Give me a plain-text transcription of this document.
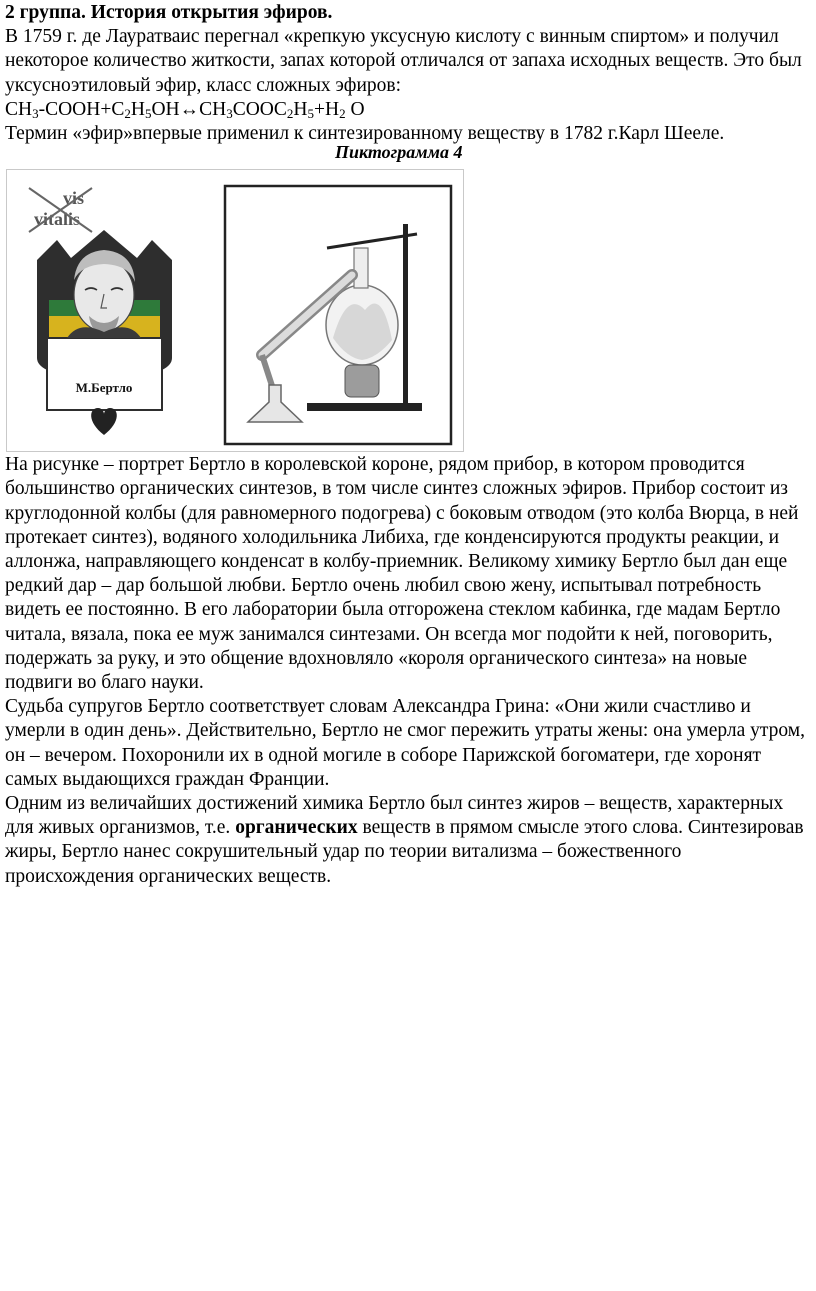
2 группа. История открытия эфиров.

В 1759 г. де Лауратваис перегнал «крепкую уксусную кислоту с винным спиртом» и получил некоторое количество житкости, запах которой отличался от запаха исходных веществ. Это был уксусноэтиловый эфир, класс сложных эфиров:

$CH_3-COOH+C_2H_5OH\leftrightarrow CH_3COOC_2H_5+H_2$ O

Термин «эфир»впервые применил к синтезированному веществу в 1782 г.Карл Шееле.

Пиктограмма 4

vis
vitalis
М.Бертло

На рисунке – портрет Бертло в королевской короне, рядом прибор, в котором проводится большинство органических синтезов, в том числе синтез сложных эфиров. Прибор состоит из круглодонной колбы (для равномерного подогрева) с боковым отводом (это колба Вюрца, в ней протекает синтез), водяного холодильника Либиха, где конденсируются продукты реакции, и аллонжа, направляющего конденсат в колбу-приемник. Великому химику Бертло был дан еще редкий дар – дар большой любви. Бертло очень любил свою жену, испытывал потребность видеть ее постоянно. В его лаборатории была отгорожена стеклом кабинка, где мадам Бертло читала, вязала, пока ее муж занимался синтезами. Он всегда мог подойти к ней, поговорить, подержать за руку, и это общение вдохновляло «короля органического синтеза» на новые подвиги во благо науки.

Судьба супругов Бертло соответствует словам Александра Грина: «Они жили счастливо и умерли в один день». Действительно, Бертло не смог пережить утраты жены: она умерла утром, он – вечером. Похоронили их в одной могиле в соборе Парижской богоматери, где хоронят самых выдающихся граждан Франции.

Одним из величайших достижений химика Бертло был синтез жиров – веществ, характерных для живых организмов, т.е. органических веществ в прямом смысле этого слова. Синтезировав жиры, Бертло нанес сокрушительный удар по теории витализма – божественного происхождения органических веществ.
